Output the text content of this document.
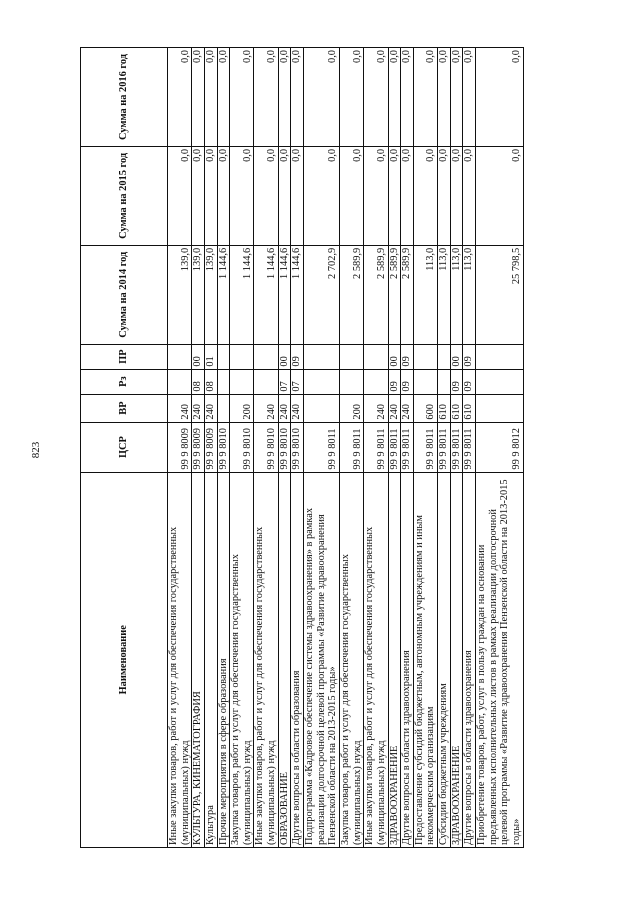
823
Наименование	ЦСР	ВР	Рз	ПР	Сумма на 2014 год	Сумма на 2015 год	Сумма на 2016 год
Иные закупки товаров, работ и услуг для обеспечения государственных (муниципальных) нужд	99 9 8009	240			139,0	0,0	0,0
КУЛЬТУРА, КИНЕМАТОГРАФИЯ	99 9 8009	240	08	00	139,0	0,0	0,0
Культура	99 9 8009	240	08	01	139,0	0,0	0,0
Прочие мероприятия в сфере образования	99 9 8010				1 144,6	0,0	0,0
Закупка товаров, работ и услуг для обеспечения государственных (муниципальных) нужд	99 9 8010	200			1 144,6	0,0	0,0
Иные закупки товаров, работ и услуг для обеспечения государственных (муниципальных) нужд	99 9 8010	240			1 144,6	0,0	0,0
ОБРАЗОВАНИЕ	99 9 8010	240	07	00	1 144,6	0,0	0,0
Другие вопросы в области образования	99 9 8010	240	07	09	1 144,6	0,0	0,0
Подпрограмма «Кадровое обеспечение системы здравоохранения» в рамках реализации долгосрочной целевой программы «Развитие здравоохранения Пензенской области на 2013-2015 годы»	99 9 8011				2 702,9	0,0	0,0
Закупка товаров, работ и услуг для обеспечения государственных (муниципальных) нужд	99 9 8011	200			2 589,9	0,0	0,0
Иные закупки товаров, работ и услуг для обеспечения государственных (муниципальных) нужд	99 9 8011	240			2 589,9	0,0	0,0
ЗДРАВООХРАНЕНИЕ	99 9 8011	240	09	00	2 589,9	0,0	0,0
Другие вопросы в области здравоохранения	99 9 8011	240	09	09	2 589,9	0,0	0,0
Предоставление субсидий бюджетным, автономным учреждениям и иным некоммерческим организациям	99 9 8011	600			113,0	0,0	0,0
Субсидии бюджетным учреждениям	99 9 8011	610			113,0	0,0	0,0
ЗДРАВООХРАНЕНИЕ	99 9 8011	610	09	00	113,0	0,0	0,0
Другие вопросы в области здравоохранения	99 9 8011	610	09	09	113,0	0,0	0,0
Приобретение товаров, работ, услуг в пользу граждан на основании предъявленных исполнительных листов в рамках реализации долгосрочной целевой программы «Развитие здравоохранения Пензенской области на 2013-2015 годы»	99 9 8012				25 798,5	0,0	0,0
